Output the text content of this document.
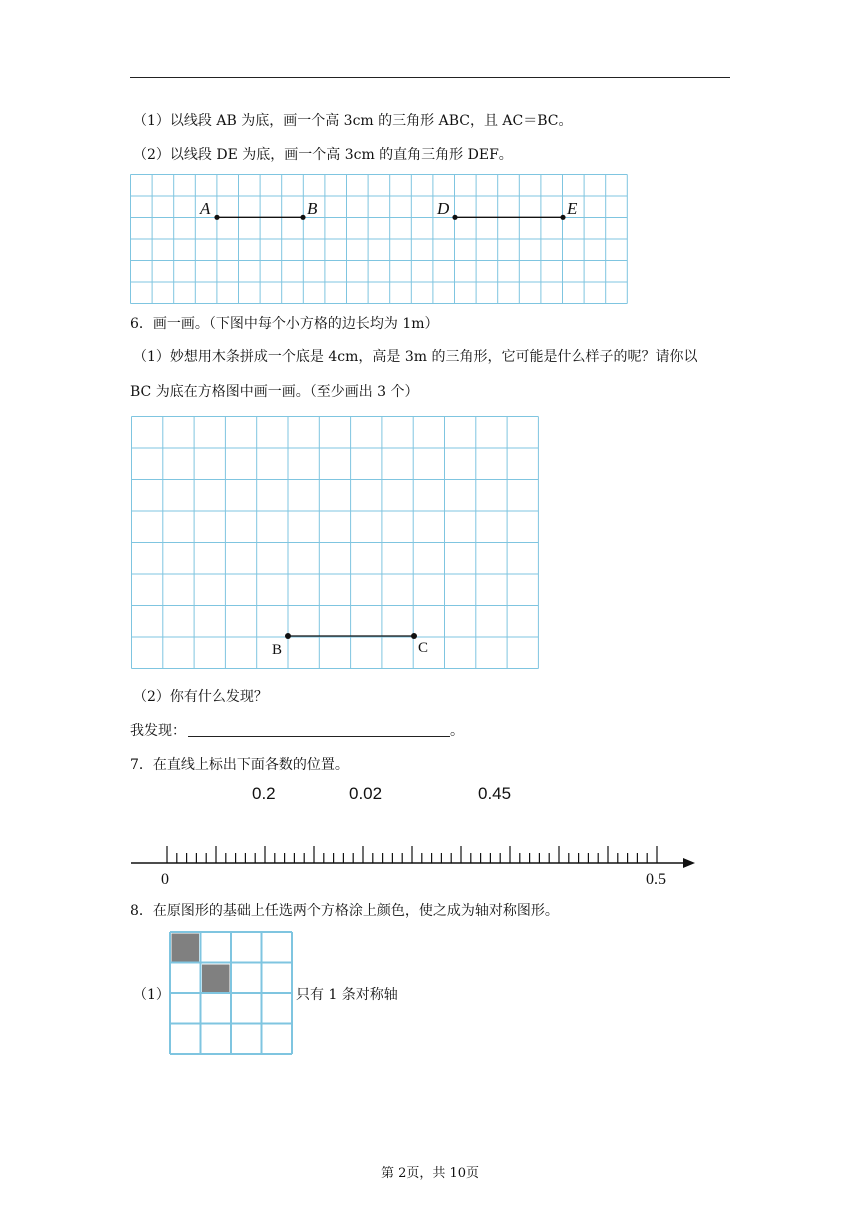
（1）以线段 AB 为底，画一个高 3cm 的三角形 ABC，且 AC＝BC。
（2）以线段 DE 为底，画一个高 3cm 的直角三角形 DEF。
A	B	D	E
6．画一画。（下图中每个小方格的边长均为 1m）
（1）妙想用木条拼成一个底是 4cm，高是 3m 的三角形，它可能是什么样子的呢？请你以
BC 为底在方格图中画一画。（至少画出 3 个）
B	C
（2）你有什么发现？
我发现：	。
7．在直线上标出下面各数的位置。
0.2	0.02	0.45
0	0.5
8．在原图形的基础上任选两个方格涂上颜色，使之成为轴对称图形。
（1）	只有 1 条对称轴
第 2页，共 10页
